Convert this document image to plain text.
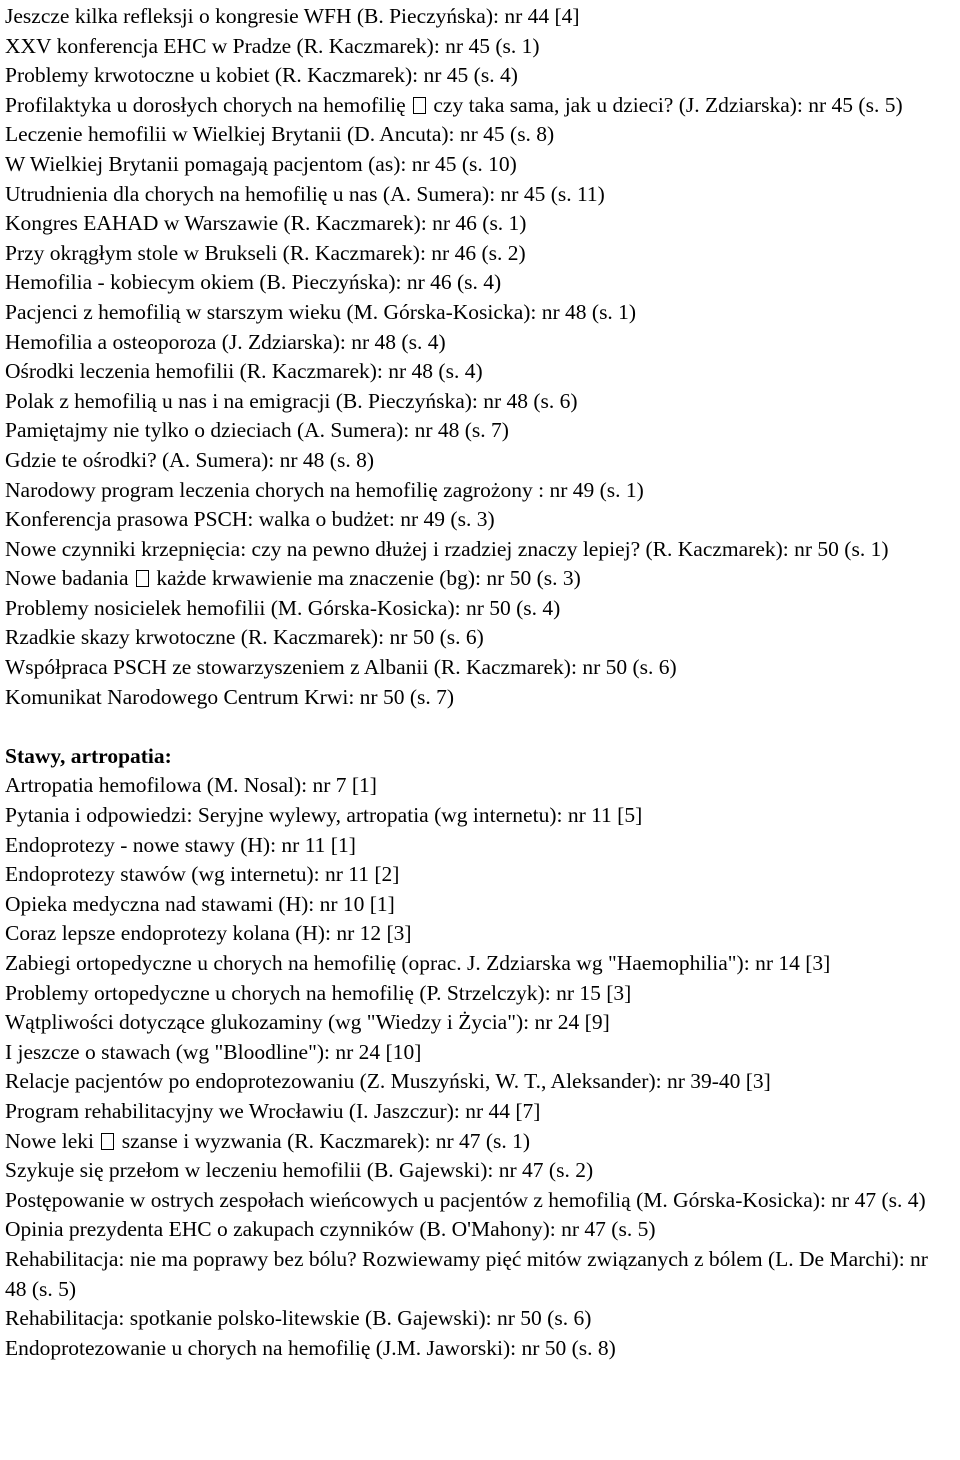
Jeszcze kilka refleksji o kongresie WFH (B. Pieczyńska): nr 44 [4]

XXV konferencja EHC w Pradze (R. Kaczmarek): nr 45 (s. 1)

Problemy krwotoczne u kobiet (R. Kaczmarek): nr 45 (s. 4)

Profilaktyka u dorosłych chorych na hemofilię  czy taka sama, jak u dzieci? (J. Zdziarska): nr 45 (s. 5)

Leczenie hemofilii w Wielkiej Brytanii (D. Ancuta): nr 45 (s. 8)

W Wielkiej Brytanii pomagają pacjentom (as): nr 45 (s. 10)

Utrudnienia dla chorych na hemofilię u nas (A. Sumera): nr 45 (s. 11)

Kongres EAHAD w Warszawie (R. Kaczmarek): nr 46 (s. 1)

Przy okrągłym stole w Brukseli (R. Kaczmarek): nr 46 (s. 2)

Hemofilia - kobiecym okiem (B. Pieczyńska): nr 46 (s. 4)

Pacjenci z hemofilią w starszym wieku (M. Górska-Kosicka): nr 48 (s. 1)

Hemofilia a osteoporoza (J. Zdziarska): nr 48 (s. 4)

Ośrodki leczenia hemofilii (R. Kaczmarek): nr 48 (s. 4)

Polak z hemofilią u nas i na emigracji (B. Pieczyńska): nr 48 (s. 6)

Pamiętajmy nie tylko o dzieciach (A. Sumera): nr 48 (s. 7)

Gdzie te ośrodki? (A. Sumera): nr 48 (s. 8)

Narodowy program leczenia chorych na hemofilię zagrożony : nr 49 (s. 1)

Konferencja prasowa PSCH: walka o budżet: nr 49 (s. 3)

Nowe czynniki krzepnięcia: czy na pewno dłużej i rzadziej znaczy lepiej? (R. Kaczmarek): nr 50 (s. 1)

Nowe badania  każde krwawienie ma znaczenie (bg): nr 50 (s. 3)

Problemy nosicielek hemofilii (M. Górska-Kosicka): nr 50 (s. 4)

Rzadkie skazy krwotoczne (R. Kaczmarek): nr 50 (s. 6)

Współpraca PSCH ze stowarzyszeniem z Albanii (R. Kaczmarek): nr 50 (s. 6)

Komunikat Narodowego Centrum Krwi: nr 50 (s. 7)

Stawy, artropatia:

Artropatia hemofilowa (M. Nosal): nr 7 [1]

Pytania i odpowiedzi: Seryjne wylewy, artropatia (wg internetu): nr 11 [5]

Endoprotezy - nowe stawy (H): nr 11 [1]

Endoprotezy stawów (wg internetu): nr 11 [2]

Opieka medyczna nad stawami (H): nr 10 [1]

Coraz lepsze endoprotezy kolana (H): nr 12 [3]

Zabiegi ortopedyczne u chorych na hemofilię (oprac. J. Zdziarska wg "Haemophilia"): nr 14 [3]

Problemy ortopedyczne u chorych na hemofilię (P. Strzelczyk): nr 15 [3]

Wątpliwości dotyczące glukozaminy (wg "Wiedzy i Życia"): nr 24 [9]

I jeszcze o stawach (wg "Bloodline"): nr 24 [10]

Relacje pacjentów po endoprotezowaniu (Z. Muszyński, W. T., Aleksander): nr 39-40 [3]

Program rehabilitacyjny we Wrocławiu (I. Jaszczur): nr 44 [7]

Nowe leki  szanse i wyzwania (R. Kaczmarek): nr 47 (s. 1)

Szykuje się przełom w leczeniu hemofilii (B. Gajewski): nr 47 (s. 2)

Postępowanie w ostrych zespołach wieńcowych u pacjentów z hemofilią (M. Górska-Kosicka): nr 47 (s. 4)

Opinia prezydenta EHC o zakupach czynników (B. O'Mahony): nr 47 (s. 5)

Rehabilitacja: nie ma poprawy bez bólu? Rozwiewamy pięć mitów związanych z bólem (L. De Marchi): nr 48 (s. 5)

Rehabilitacja: spotkanie polsko-litewskie (B. Gajewski): nr 50 (s. 6)

Endoprotezowanie u chorych na hemofilię (J.M. Jaworski): nr 50 (s. 8)
